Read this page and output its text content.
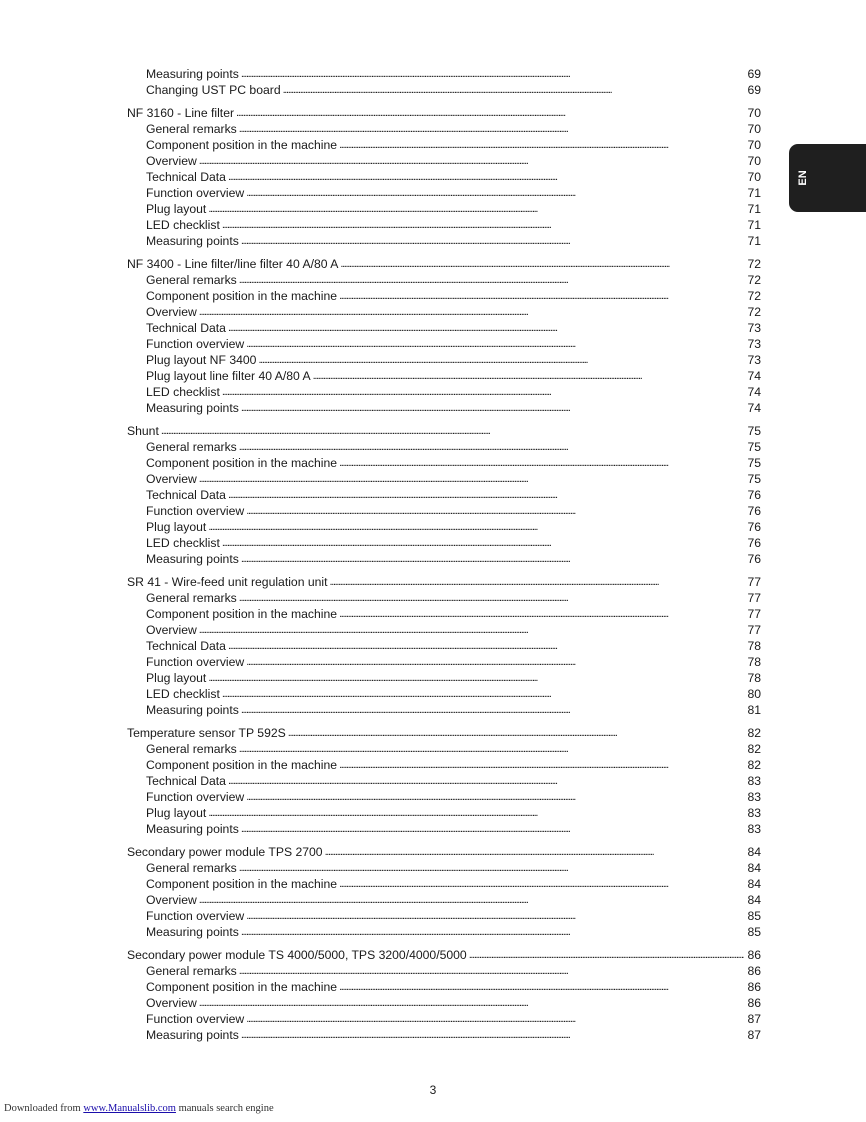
Measuring points . . .	69
Changing UST PC board . . .	69
NF 3160 - Line filter . . .	70
General remarks . . .	70
Component position in the machine . . .	70
Overview . . .	70
Technical Data . . .	70
Function overview . . .	71
Plug layout . . .	71
LED checklist . . .	71
Measuring points . . .	71
NF 3400 - Line filter/line filter 40 A/80 A . . .	72
General remarks . . .	72
Component position in the machine . . .	72
Overview . . .	72
Technical Data . . .	73
Function overview . . .	73
Plug layout NF 3400 . . .	73
Plug layout line filter 40 A/80 A . . .	74
LED checklist . . .	74
Measuring points . . .	74
Shunt . . .	75
General remarks . . .	75
Component position in the machine . . .	75
Overview . . .	75
Technical Data . . .	76
Function overview . . .	76
Plug layout . . .	76
LED checklist . . .	76
Measuring points . . .	76
SR 41 - Wire-feed unit regulation unit . . .	77
General remarks . . .	77
Component position in the machine . . .	77
Overview . . .	77
Technical Data . . .	78
Function overview . . .	78
Plug layout . . .	78
LED checklist . . .	80
Measuring points . . .	81
Temperature sensor TP 592S . . .	82
General remarks . . .	82
Component position in the machine . . .	82
Technical Data . . .	83
Function overview . . .	83
Plug layout . . .	83
Measuring points . . .	83
Secondary power module TPS 2700 . . .	84
General remarks . . .	84
Component position in the machine . . .	84
Overview . . .	84
Function overview . . .	85
Measuring points . . .	85
Secondary power module TS 4000/5000, TPS 3200/4000/5000 . . .	86
General remarks . . .	86
Component position in the machine . . .	86
Overview . . .	86
Function overview . . .	87
Measuring points . . .	87
EN
3
Downloaded from www.Manualslib.com manuals search engine
